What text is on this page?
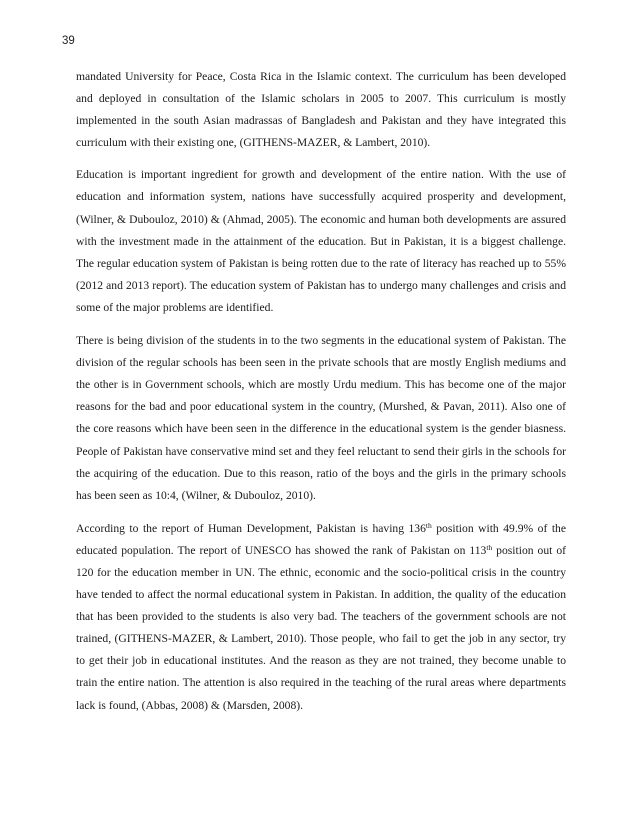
39

mandated University for Peace, Costa Rica in the Islamic context. The curriculum has been developed and deployed in consultation of the Islamic scholars in 2005 to 2007. This curriculum is mostly implemented in the south Asian madrassas of Bangladesh and Pakistan and they have integrated this curriculum with their existing one, (GITHENS-MAZER, & Lambert, 2010).

Education is important ingredient for growth and development of the entire nation. With the use of education and information system, nations have successfully acquired prosperity and development, (Wilner, & Dubouloz, 2010) & (Ahmad, 2005). The economic and human both developments are assured with the investment made in the attainment of the education. But in Pakistan, it is a biggest challenge. The regular education system of Pakistan is being rotten due to the rate of literacy has reached up to 55% (2012 and 2013 report). The education system of Pakistan has to undergo many challenges and crisis and some of the major problems are identified.

There is being division of the students in to the two segments in the educational system of Pakistan. The division of the regular schools has been seen in the private schools that are mostly English mediums and the other is in Government schools, which are mostly Urdu medium. This has become one of the major reasons for the bad and poor educational system in the country, (Murshed, & Pavan, 2011). Also one of the core reasons which have been seen in the difference in the educational system is the gender biasness. People of Pakistan have conservative mind set and they feel reluctant to send their girls in the schools for the acquiring of the education. Due to this reason, ratio of the boys and the girls in the primary schools has been seen as 10:4, (Wilner, & Dubouloz, 2010).

According to the report of Human Development, Pakistan is having 136th position with 49.9% of the educated population. The report of UNESCO has showed the rank of Pakistan on 113th position out of 120 for the education member in UN. The ethnic, economic and the socio-political crisis in the country have tended to affect the normal educational system in Pakistan. In addition, the quality of the education that has been provided to the students is also very bad. The teachers of the government schools are not trained, (GITHENS-MAZER, & Lambert, 2010). Those people, who fail to get the job in any sector, try to get their job in educational institutes. And the reason as they are not trained, they become unable to train the entire nation. The attention is also required in the teaching of the rural areas where departments lack is found, (Abbas, 2008) & (Marsden, 2008).
